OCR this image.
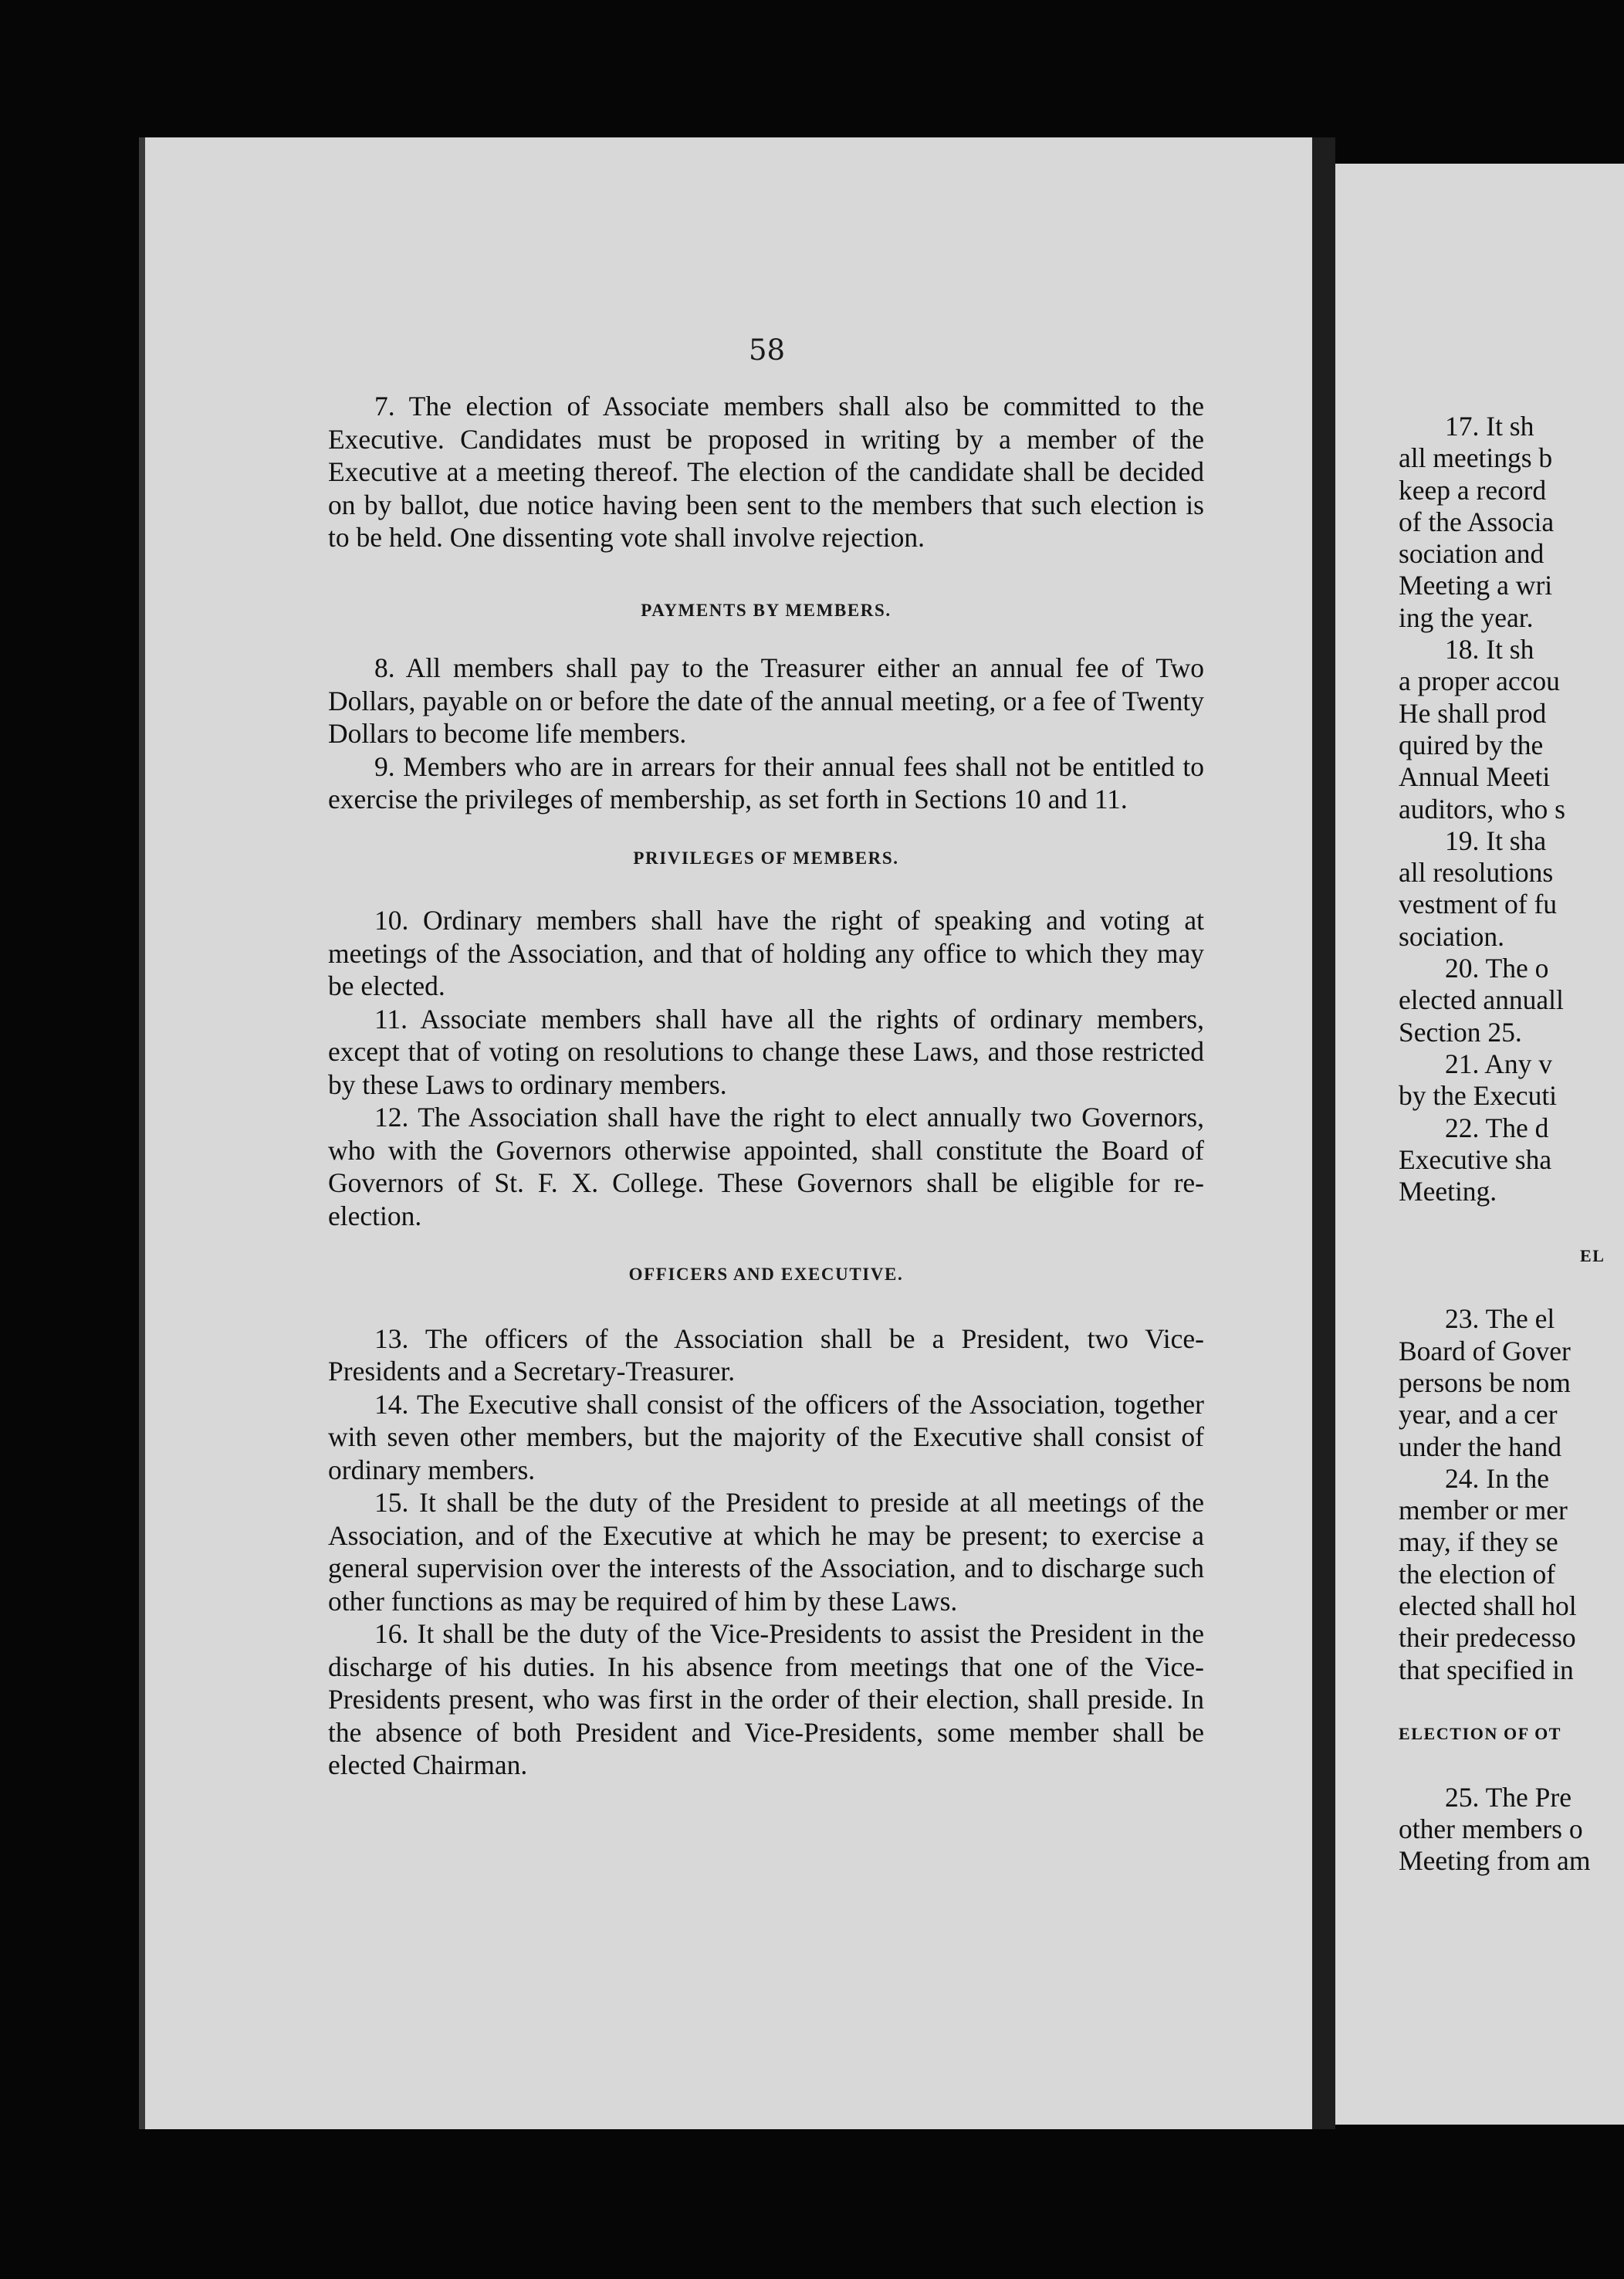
58

7. The election of Associate members shall also be committed to the Executive. Candidates must be proposed in writing by a member of the Executive at a meeting thereof. The election of the candidate shall be decided on by ballot, due notice having been sent to the members that such election is to be held. One dissenting vote shall involve rejection.

PAYMENTS BY MEMBERS.

8. All members shall pay to the Treasurer either an annual fee of Two Dollars, payable on or before the date of the annual meeting, or a fee of Twenty Dollars to become life members.

9. Members who are in arrears for their annual fees shall not be entitled to exercise the privileges of membership, as set forth in Sections 10 and 11.

PRIVILEGES OF MEMBERS.

10. Ordinary members shall have the right of speaking and voting at meetings of the Association, and that of holding any office to which they may be elected.

11. Associate members shall have all the rights of ordinary members, except that of voting on resolutions to change these Laws, and those restricted by these Laws to ordinary members.

12. The Association shall have the right to elect annually two Governors, who with the Governors otherwise appointed, shall constitute the Board of Governors of St. F. X. College. These Governors shall be eligible for re-election.

OFFICERS AND EXECUTIVE.

13. The officers of the Association shall be a President, two Vice-Presidents and a Secretary-Treasurer.

14. The Executive shall consist of the officers of the Association, together with seven other members, but the majority of the Executive shall consist of ordinary members.

15. It shall be the duty of the President to preside at all meetings of the Association, and of the Executive at which he may be present; to exercise a general supervision over the interests of the Association, and to discharge such other functions as may be required of him by these Laws.

16. It shall be the duty of the Vice-Presidents to assist the President in the discharge of his duties. In his absence from meetings that one of the Vice-Presidents present, who was first in the order of their election, shall preside. In the absence of both President and Vice-Presidents, some member shall be elected Chairman.

17. It sh
all meetings b
keep a record
of the Associa
sociation and
Meeting a wri
ing the year.
18. It sh
a proper accou
He shall prod
quired by the
Annual Meeti
auditors, who s
19. It sha
all resolutions
vestment of fu
sociation.
20. The o
elected annuall
Section 25.
21. Any v
by the Executi
22. The d
Executive sha
Meeting.
EL
23. The el
Board of Gover
persons be nom
year, and a cer
under the hand
24. In the
member or mer
may, if they se
the election of
elected shall hol
their predecesso
that specified in
ELECTION OF OT
25. The Pre
other members o
Meeting from am
